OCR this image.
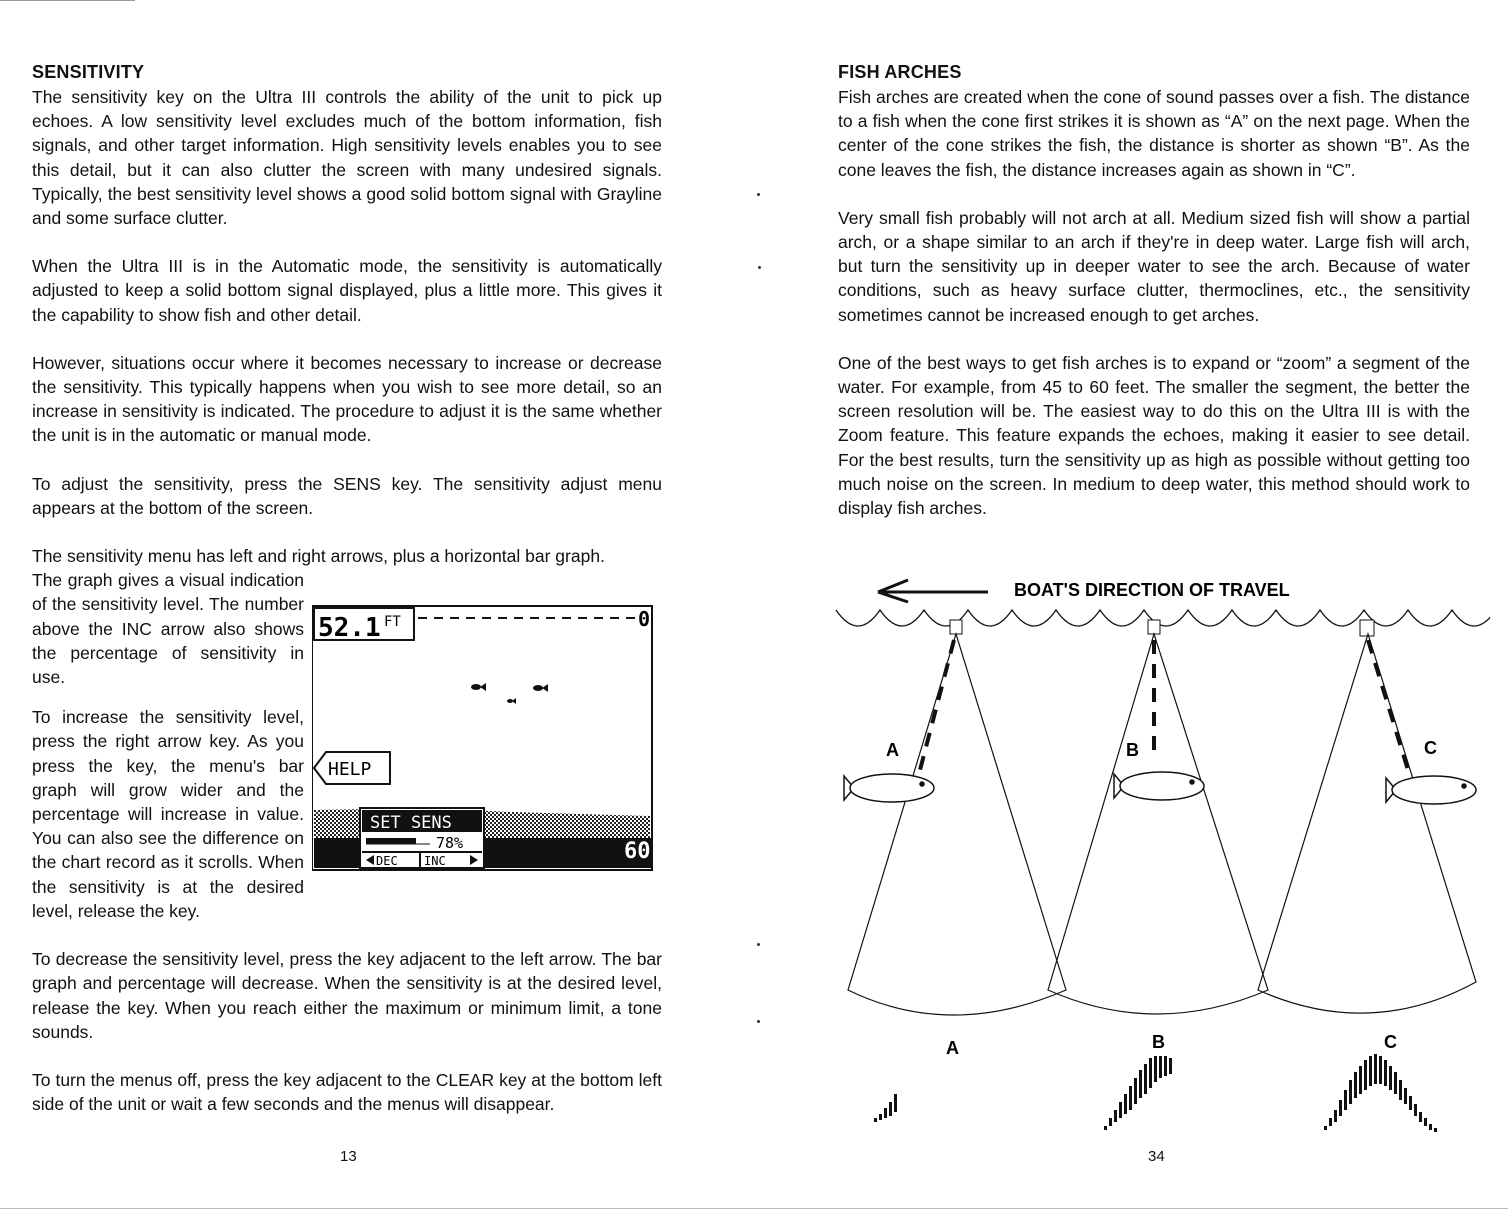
SENSITIVITY

The sensitivity key on the Ultra III controls the ability of the unit to pick up echoes. A low sensitivity level excludes much of the bottom information, fish signals, and other target information. High sensitivity levels enables you to see this detail, but it can also clutter the screen with many undesired signals. Typically, the best sensitivity level shows a good solid bottom signal with Grayline and some surface clutter.

When the Ultra III is in the Automatic mode, the sensitivity is automatically adjusted to keep a solid bottom signal displayed, plus a little more. This gives it the capability to show fish and other detail.

However, situations occur where it becomes necessary to increase or decrease the sensitivity. This typically happens when you wish to see more detail, so an increase in sensitivity is indicated. The procedure to adjust it is the same whether the unit is in the automatic or manual mode.

To adjust the sensitivity, press the SENS key. The sensitivity adjust menu appears at the bottom of the screen.

The sensitivity menu has left and right arrows, plus a horizontal bar graph.

52.1 FT	0
HELP
SET SENS
78%
DEC INC	60

The graph gives a visual indication of the sensitivity level. The number above the INC arrow also shows the percentage of sensitivity in use.

To increase the sensitivity level, press the right arrow key. As you press the key, the menu's bar graph will grow wider and the percentage will increase in value. You can also see the difference on the chart record as it scrolls. When the sensitivity is at the desired level, release the key.

To decrease the sensitivity level, press the key adjacent to the left arrow. The bar graph and percentage will decrease. When the sensitivity is at the desired level, release the key. When you reach either the maximum or minimum limit, a tone sounds.

To turn the menus off, press the key adjacent to the CLEAR key at the bottom left side of the unit or wait a few seconds and the menus will disappear.

13
FISH ARCHES

Fish arches are created when the cone of sound passes over a fish. The distance to a fish when the cone first strikes it is shown as “A” on the next page. When the center of the cone strikes the fish, the distance is shorter as shown “B”. As the cone leaves the fish, the distance increases again as shown in “C”.

Very small fish probably will not arch at all. Medium sized fish will show a partial arch, or a shape similar to an arch if they're in deep water. Large fish will arch, but turn the sensitivity up in deeper water to see the arch. Because of water conditions, such as heavy surface clutter, thermoclines, etc., the sensitivity sometimes cannot be increased enough to get arches.

One of the best ways to get fish arches is to expand or “zoom” a segment of the water. For example, from 45 to 60 feet. The smaller the segment, the better the screen resolution will be. The easiest way to do this on the Ultra III is with the Zoom feature. This feature expands the echoes, making it easier to see detail. For the best results, turn the sensitivity up as high as possible without getting too much noise on the screen. In medium to deep water, this method should work to display fish arches.

BOAT'S DIRECTION OF TRAVEL
A	B	C
A	B	C
34
